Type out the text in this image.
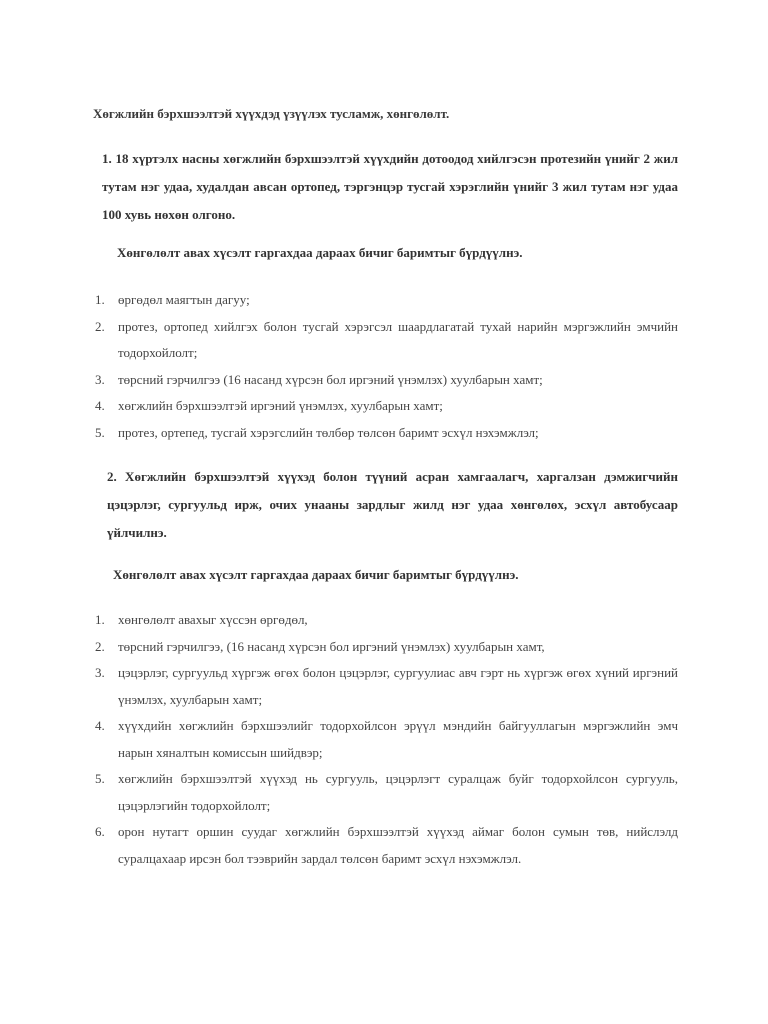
Хөгжлийн бэрхшээлтэй хүүхдэд үзүүлэх тусламж, хөнгөлөлт.
1. 18 хүртэлх насны хөгжлийн бэрхшээлтэй хүүхдийн дотоодод хийлгэсэн протезийн үнийг 2 жил тутам нэг удаа, худалдан авсан ортопед, тэргэнцэр тусгай хэрэглийн үнийг 3 жил тутам нэг удаа 100 хувь нөхөн олгоно.
Хөнгөлөлт авах хүсэлт гаргахдаа дараах бичиг баримтыг бүрдүүлнэ.
1. өргөдөл маягтын дагуу;
2. протез, ортопед хийлгэх болон тусгай хэрэгсэл шаардлагатай тухай нарийн мэргэжлийн эмчийн тодорхойлолт;
3. төрсний гэрчилгээ (16 насанд хүрсэн бол иргэний үнэмлэх) хуулбарын хамт;
4. хөгжлийн бэрхшээлтэй иргэний үнэмлэх, хуулбарын хамт;
5. протез, ортепед, тусгай хэрэгслийн төлбөр төлсөн баримт эсхүл нэхэмжлэл;
2. Хөгжлийн бэрхшээлтэй хүүхэд болон түүний асран хамгаалагч, харгалзан дэмжигчийн цэцэрлэг, сургуульд ирж, очих унааны зардлыг жилд нэг удаа хөнгөлөх, эсхүл автобусаар үйлчилнэ.
Хөнгөлөлт авах хүсэлт гаргахдаа дараах бичиг баримтыг бүрдүүлнэ.
1. хөнгөлөлт авахыг хүссэн өргөдөл,
2. төрсний гэрчилгээ, (16 насанд хүрсэн бол иргэний үнэмлэх) хуулбарын хамт,
3. цэцэрлэг, сургуульд хүргэж өгөх болон цэцэрлэг, сургуулиас авч гэрт нь хүргэж өгөх хүний иргэний үнэмлэх, хуулбарын хамт;
4. хүүхдийн хөгжлийн бэрхшээлийг тодорхойлсон эрүүл мэндийн байгууллагын мэргэжлийн эмч нарын хяналтын комиссын шийдвэр;
5. хөгжлийн бэрхшээлтэй хүүхэд нь сургууль, цэцэрлэгт суралцаж буйг тодорхойлсон сургууль, цэцэрлэгийн тодорхойлолт;
6. орон нутагт оршин суудаг хөгжлийн бэрхшээлтэй хүүхэд аймаг болон сумын төв, нийслэлд суралцахаар ирсэн бол тээврийн зардал төлсөн баримт эсхүл нэхэмжлэл.
